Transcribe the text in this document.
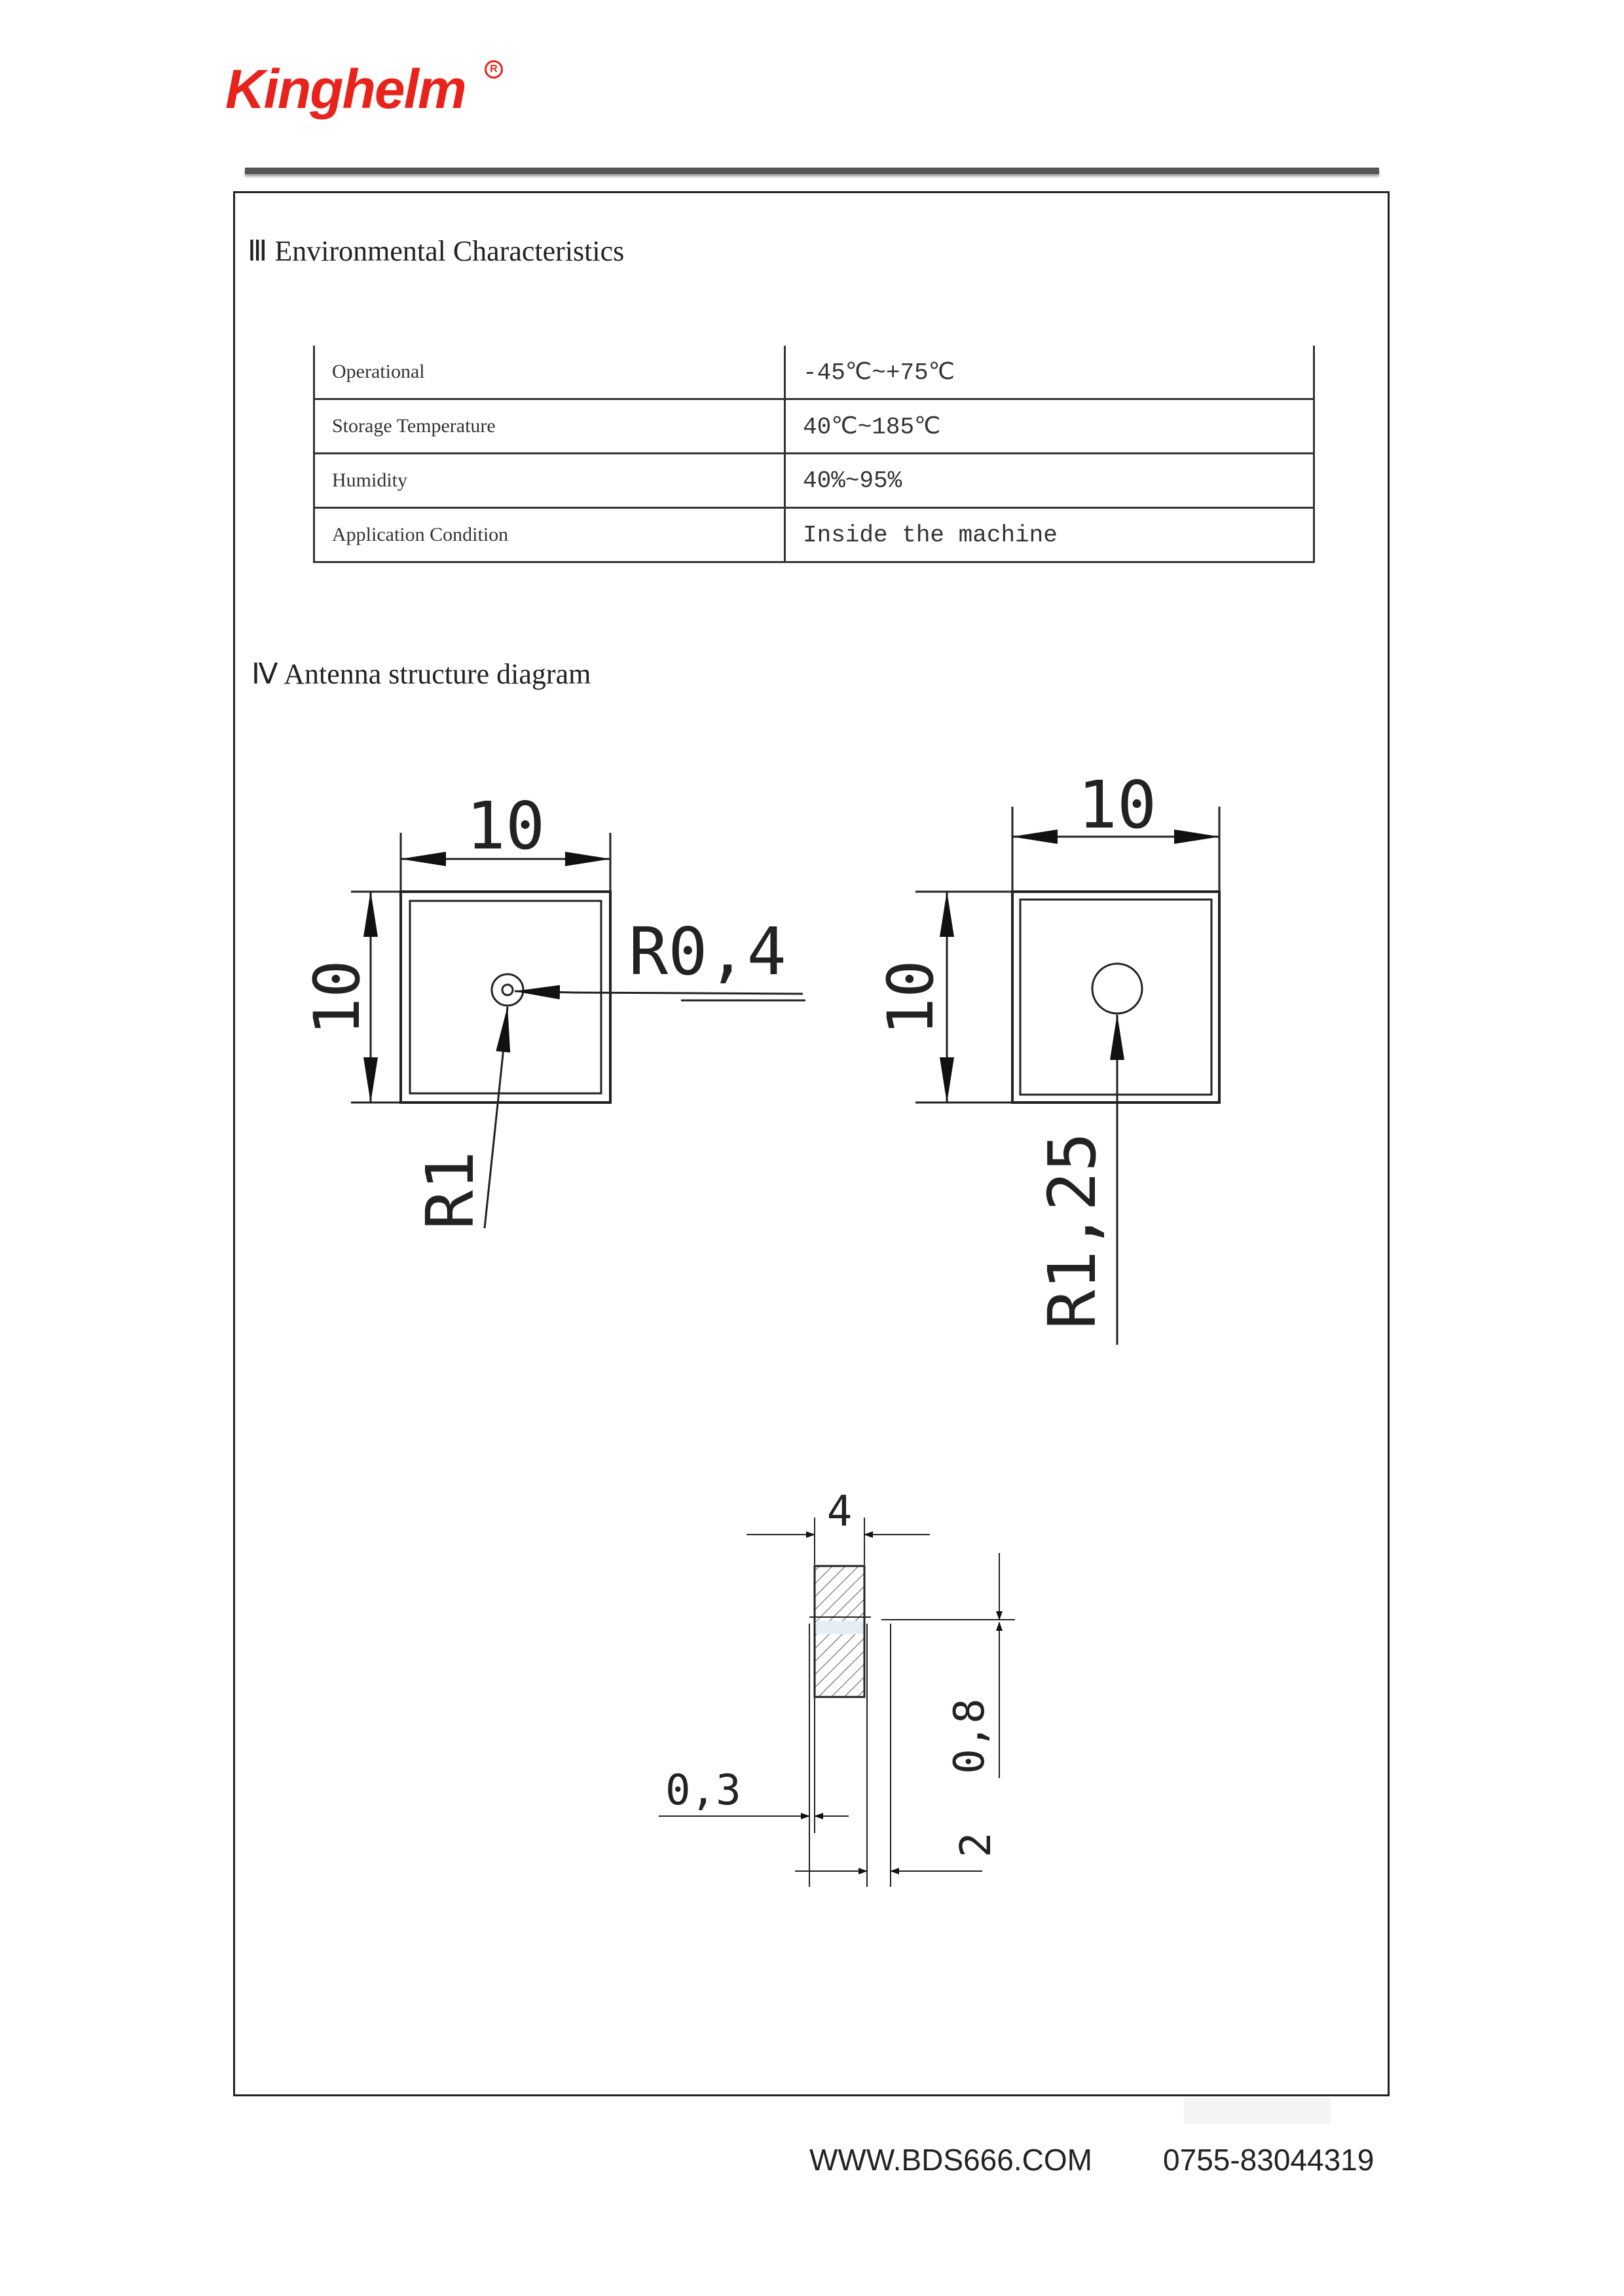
Kinghelm	R
Ⅲ Environmental Characteristics
Operational	-45℃~+75℃
Storage Temperature	40℃~185℃
Humidity	40%~95%
Application Condition	Inside the machine
Ⅳ Antenna structure diagram
10
10
R0,4
R1
10
10
R1,25
4
0,8
0,3
2
WWW.BDS666.COM 0755-83044319
